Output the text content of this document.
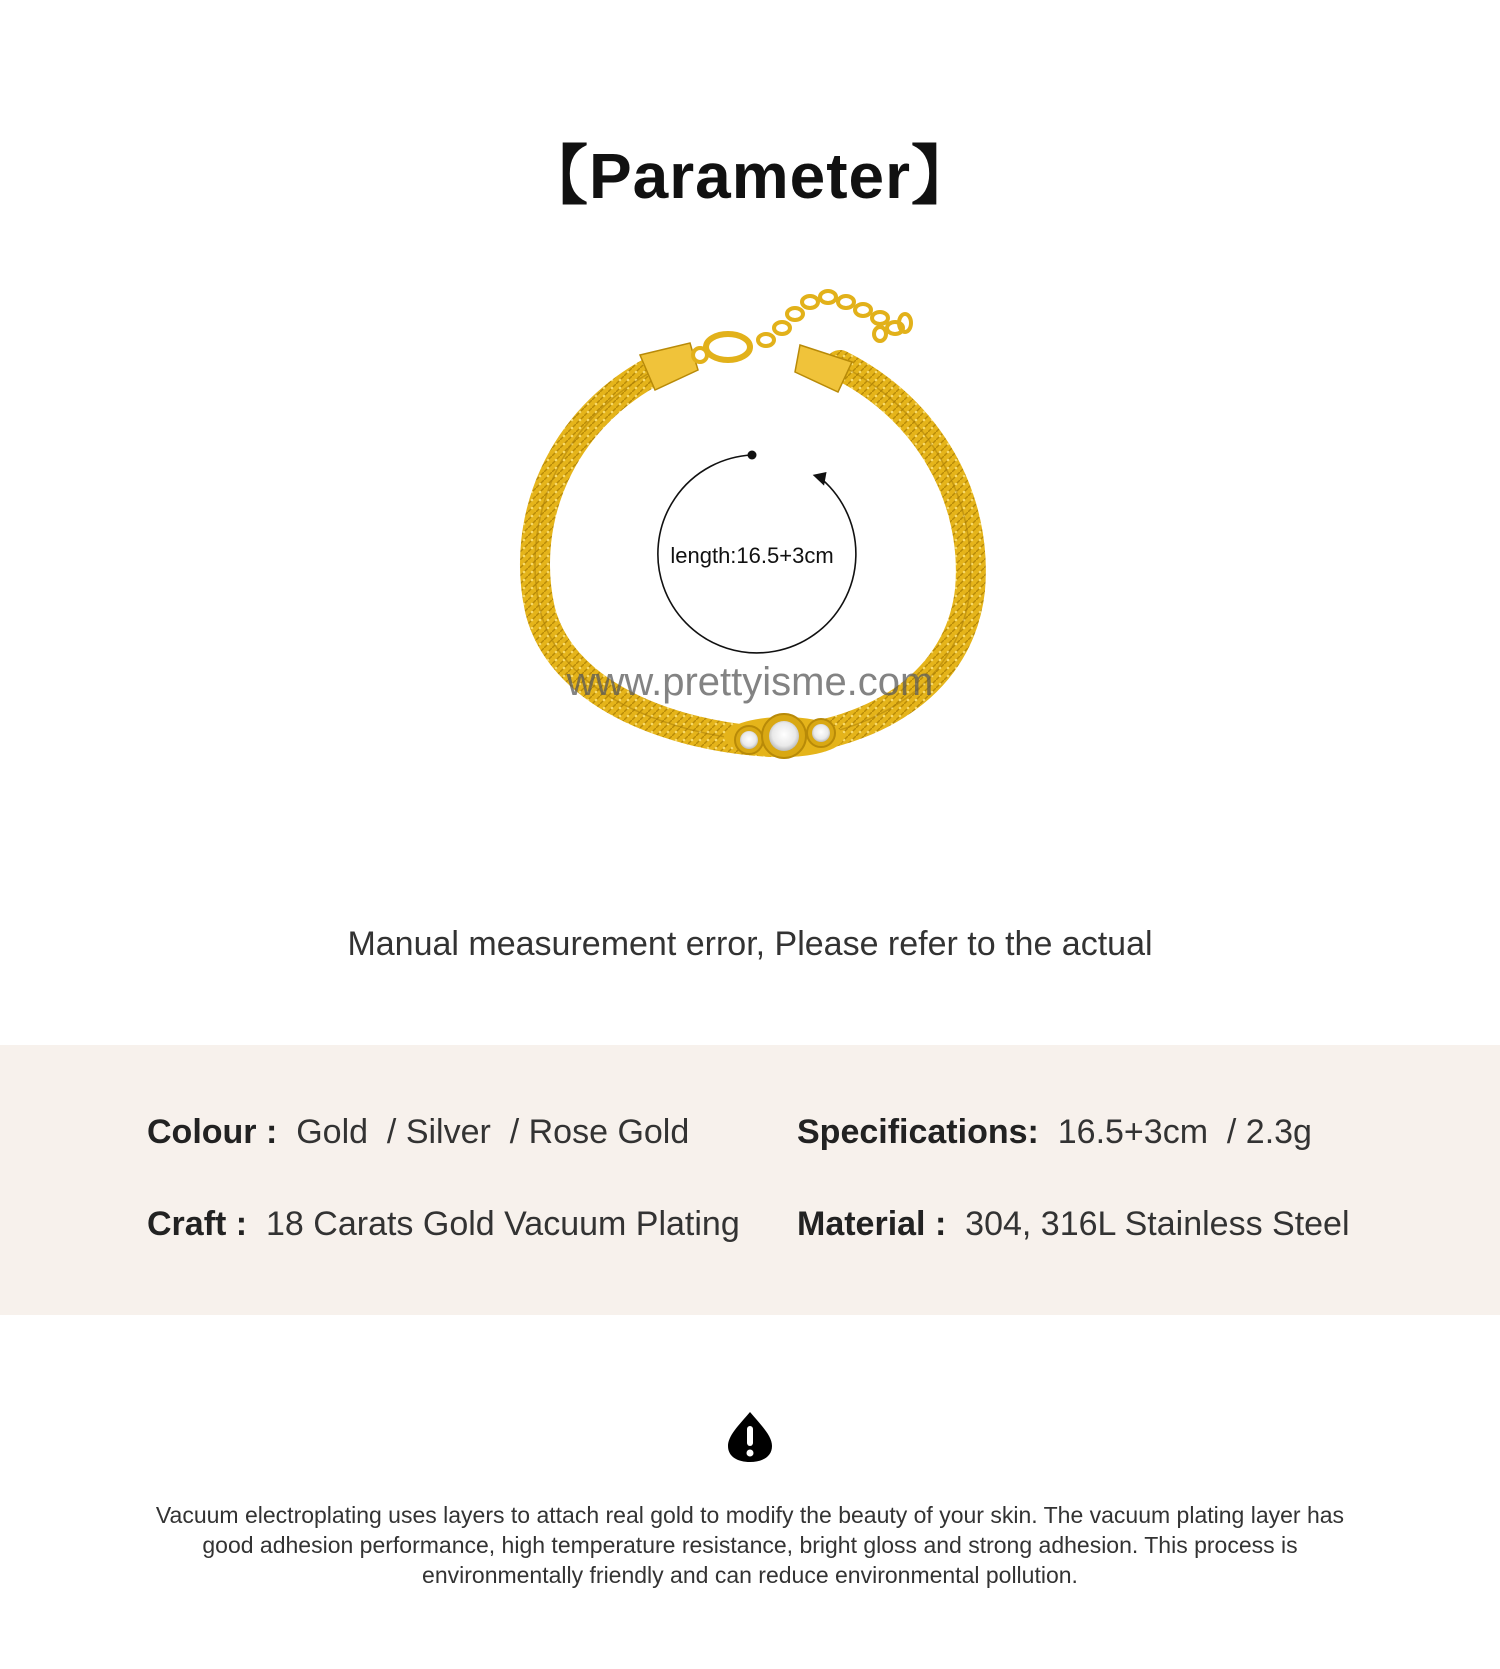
【Parameter】
length:16.5+3cm
www.prettyisme.com
Manual measurement error, Please refer to the actual
Colour : Gold  / Silver  / Rose Gold	Specifications: 16.5+3cm  / 2.3g
Craft : 18 Carats Gold Vacuum Plating Material : 304, 316L Stainless Steel
Vacuum electroplating uses layers to attach real gold to modify the beauty of your skin. The vacuum plating layer has good adhesion performance, high temperature resistance, bright gloss and strong adhesion. This process is environmentally friendly and can reduce environmental pollution.
